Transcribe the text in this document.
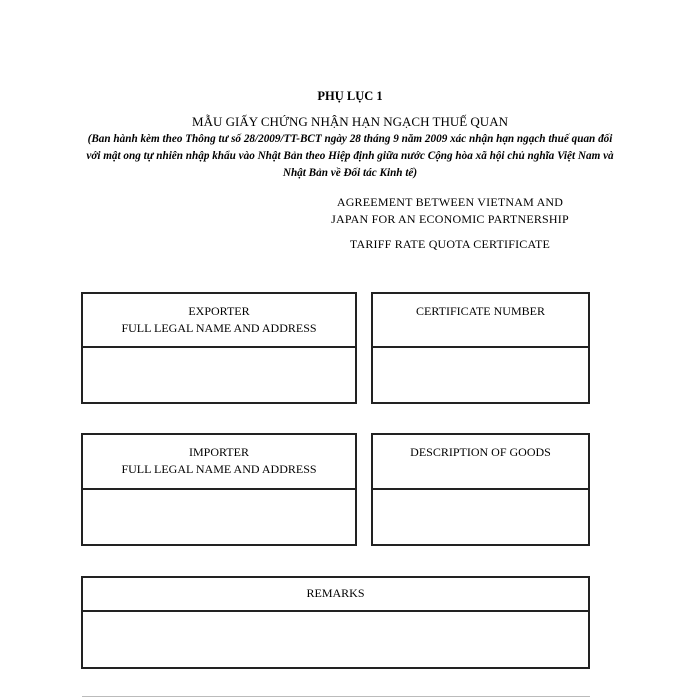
PHỤ LỤC 1
MẪU GIẤY CHỨNG NHẬN HẠN NGẠCH THUẾ QUAN
(Ban hành kèm theo Thông tư số 28/2009/TT-BCT ngày 28 tháng 9 năm 2009 xác nhận hạn ngạch thuế quan đối với mật ong tự nhiên nhập khẩu vào Nhật Bản theo Hiệp định giữa nước Cộng hòa xã hội chủ nghĩa Việt Nam và Nhật Bản về Đối tác Kinh tế)
AGREEMENT BETWEEN VIETNAM AND
JAPAN FOR AN ECONOMIC PARTNERSHIP
TARIFF RATE QUOTA CERTIFICATE
EXPORTER
FULL LEGAL NAME AND ADDRESS
CERTIFICATE NUMBER
IMPORTER
FULL LEGAL NAME AND ADDRESS
DESCRIPTION OF GOODS
REMARKS
